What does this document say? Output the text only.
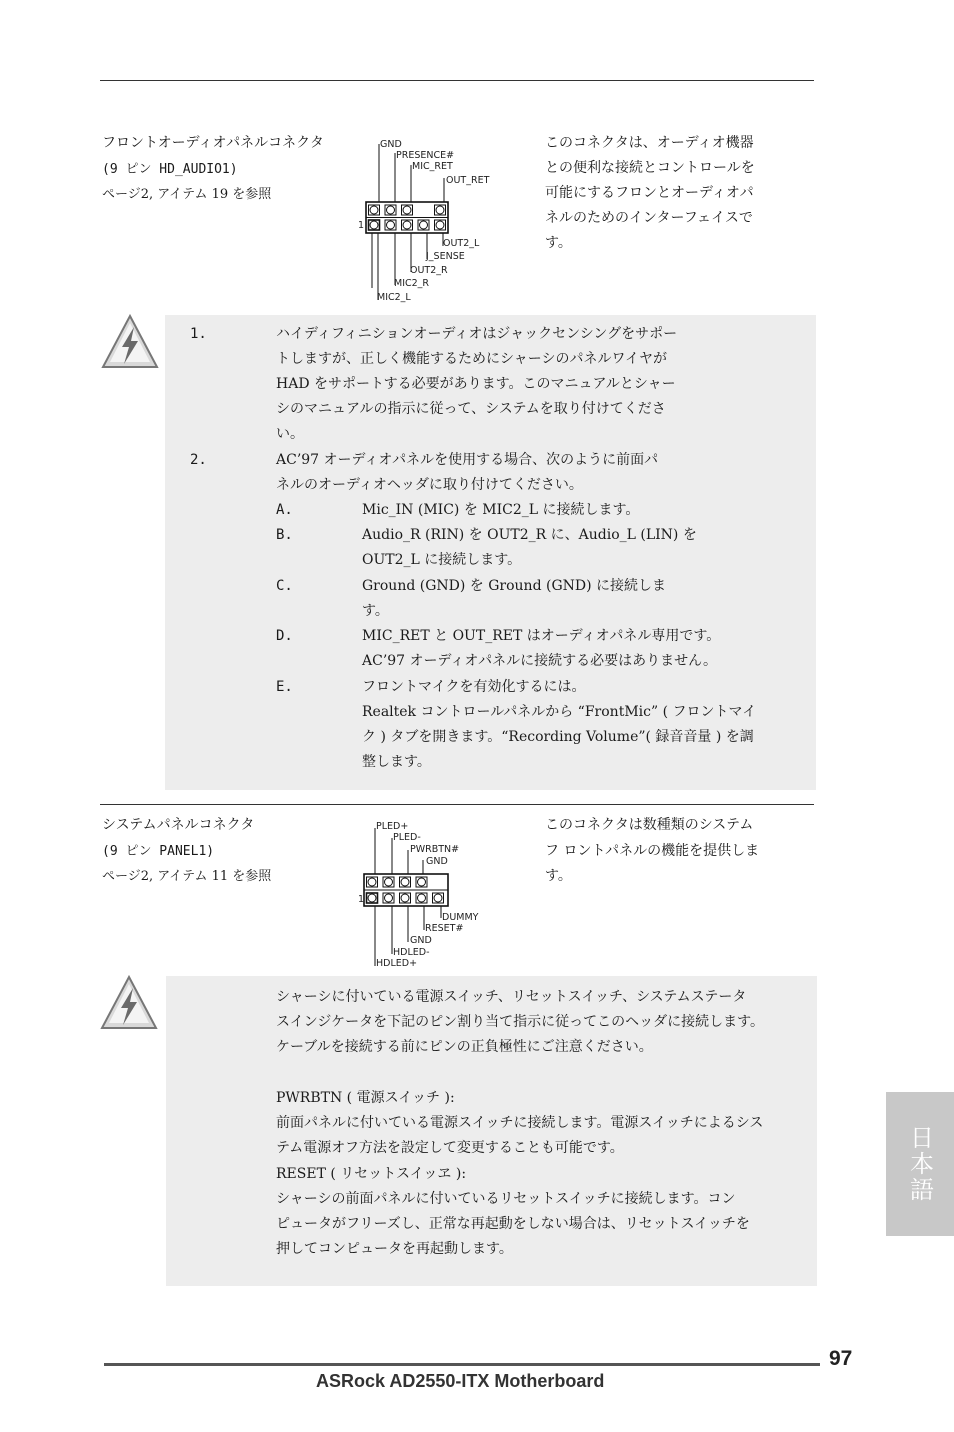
フロントオーディオパネルコネクタ
(9 ピン HD_AUDIO1)
ページ2, アイテム 19 を参照
このコネクタは、オーディオ機器
との便利な接続とコントロールを
可能にするフロンとオーディオパ
ネルのためのインターフェイスで
す。
1
GND
PRESENCE#
MIC_RET
OUT_RET
OUT2_L
J_SENSE
OUT2_R
MIC2_R
MIC2_L
1.	ハイディフィニションオーディオはジャックセンシングをサポー
トしますが、正しく機能するためにシャーシのパネルワイヤが
HAD をサポートする必要があります。このマニュアルとシャー
シのマニュアルの指示に従って、システムを取り付けてくださ
い。
2.	AC’97 オーディオパネルを使用する場合、次のように前面パ
ネルのオーディオヘッダに取り付けてください。
A.	Mic_IN (MIC) を MIC2_L に接続します。
B.	Audio_R (RIN) を OUT2_R に、Audio_L (LIN) を
OUT2_L に接続します。
C.	Ground (GND) を Ground (GND) に接続しま
す。
D.	MIC_RET と OUT_RET はオーディオパネル専用です。
AC’97 オーディオパネルに接続する必要はありません。
E.	フロントマイクを有効化するには。
Realtek コントロールパネルから “FrontMic” ( フロントマイ
ク ) タブを開きます。“Recording Volume”( 録音音量 ) を調
整します。
システムパネルコネクタ
(9 ピン PANEL1)
ページ2, アイテム 11 を参照
このコネクタは数種類のシステム
フ ロントパネルの機能を提供しま
す。
1
PLED+
PLED-
PWRBTN#
GND
DUMMY
RESET#
GND
HDLED-
HDLED+
シャーシに付いている電源スイッチ、リセットスイッチ、システムステータ
スインジケータを下記のピン割り当て指示に従ってこのヘッダに接続します。
ケーブルを接続する前にピンの正負極性にご注意ください。
PWRBTN ( 電源スイッチ ):
前面パネルに付いている電源スイッチに接続します。電源スイッチによるシス
テム電源オフ方法を設定して変更することも可能です。
RESET ( リセットスイッヱ ):
シャーシの前面パネルに付いているリセットスイッチに接続します。コン
ピュータがフリーズし、正常な再起動をしない場合は、リセットスイッチを
押してコンピュータを再起動します。
日本語
97
ASRock AD2550-ITX Motherboard
